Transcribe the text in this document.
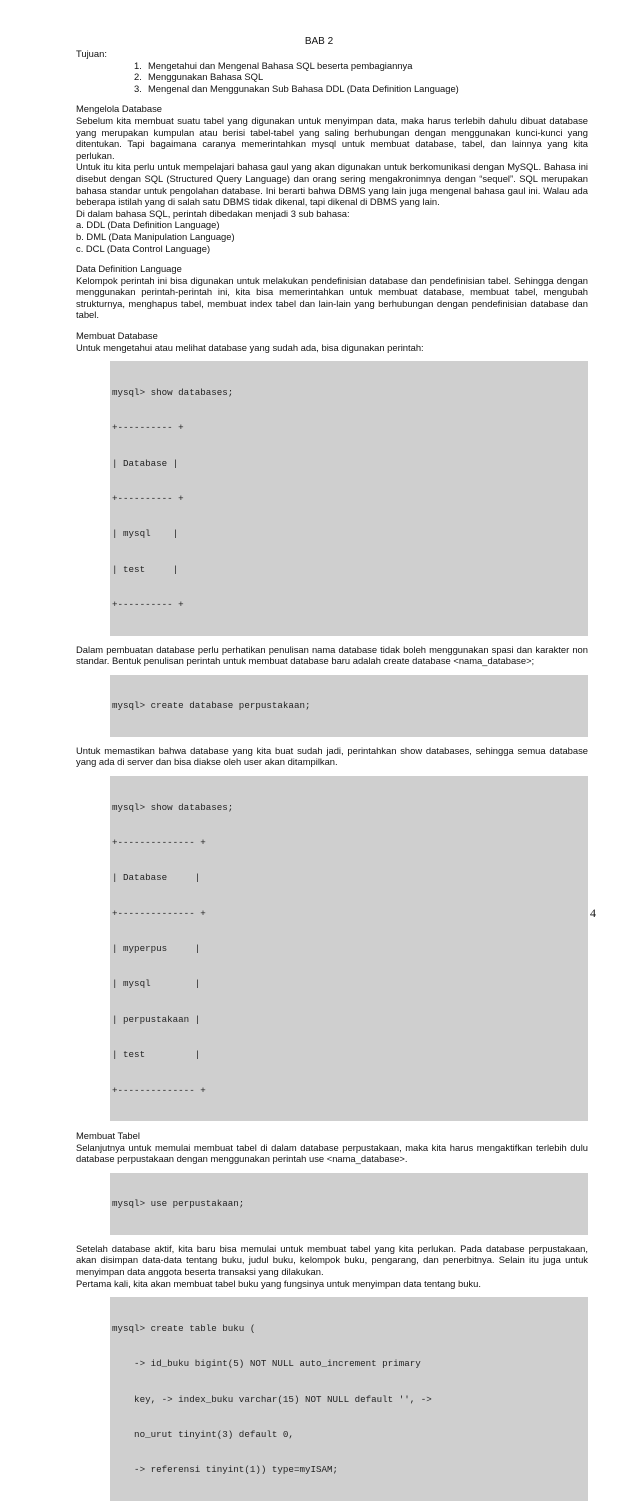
BAB 2

Tujuan:

1. Mengetahui dan Mengenal Bahasa SQL beserta pembagiannya
2. Menggunakan Bahasa SQL
3. Mengenal dan Menggunakan Sub Bahasa DDL (Data Definition Language)

Mengelola Database

Sebelum kita membuat suatu tabel yang digunakan untuk menyimpan data, maka harus terlebih dahulu dibuat database yang merupakan kumpulan atau berisi tabel-tabel yang saling berhubungan dengan menggunakan kunci-kunci yang ditentukan. Tapi bagaimana caranya memerintahkan mysql untuk membuat database, tabel, dan lainnya yang kita perlukan.

Untuk itu kita perlu untuk mempelajari bahasa gaul yang akan digunakan untuk berkomunikasi dengan MySQL. Bahasa ini disebut dengan SQL (Structured Query Language) dan orang sering mengakronimnya dengan “sequel”. SQL merupakan bahasa standar untuk pengolahan database. Ini berarti bahwa DBMS yang lain juga mengenal bahasa gaul ini. Walau ada beberapa istilah yang di salah satu DBMS tidak dikenal, tapi dikenal di DBMS yang lain.

Di dalam bahasa SQL, perintah dibedakan menjadi 3 sub bahasa:

a. DDL (Data Definition Language)

b. DML (Data Manipulation Language)

c. DCL (Data Control Language)

Data Definition Language

Kelompok perintah ini bisa digunakan untuk melakukan pendefinisian database dan pendefinisian tabel. Sehingga dengan menggunakan perintah-perintah ini, kita bisa memerintahkan untuk membuat database, membuat tabel, mengubah strukturnya, menghapus tabel, membuat index tabel dan lain-lain yang berhubungan dengan pendefinisian database dan tabel.

Membuat Database

Untuk mengetahui atau melihat database yang sudah ada, bisa digunakan perintah:

mysql> show databases;

+---------- +

| Database |

+---------- +

| mysql    |

| test     |

+---------- +

Dalam pembuatan database perlu perhatikan penulisan nama database tidak boleh menggunakan spasi dan karakter non standar. Bentuk penulisan perintah untuk membuat database baru adalah create database <nama_database>;

mysql> create database perpustakaan;

Untuk memastikan bahwa database yang kita buat sudah jadi, perintahkan show databases, sehingga semua database yang ada di server dan bisa diakse oleh user akan ditampilkan.

mysql> show databases;

+-------------- +

| Database     |

+-------------- +

| myperpus     |

| mysql        |

| perpustakaan |

| test         |

+-------------- +

Membuat Tabel

Selanjutnya untuk memulai membuat tabel di dalam database perpustakaan, maka kita harus mengaktifkan terlebih dulu database perpustakaan dengan menggunakan perintah use <nama_database>.

mysql> use perpustakaan;

Setelah database aktif, kita baru bisa memulai untuk membuat tabel yang kita perlukan. Pada database perpustakaan, akan disimpan data-data tentang buku, judul buku, kelompok buku, pengarang, dan penerbitnya. Selain itu juga untuk menyimpan data anggota beserta transaksi yang dilakukan.

Pertama kali, kita akan membuat tabel buku yang fungsinya untuk menyimpan data tentang buku.

mysql> create table buku (

-> id_buku bigint(5) NOT NULL auto_increment primary

key, -> index_buku varchar(15) NOT NULL default '', ->

no_urut tinyint(3) default 0,

-> referensi tinyint(1)) type=myISAM;

4
